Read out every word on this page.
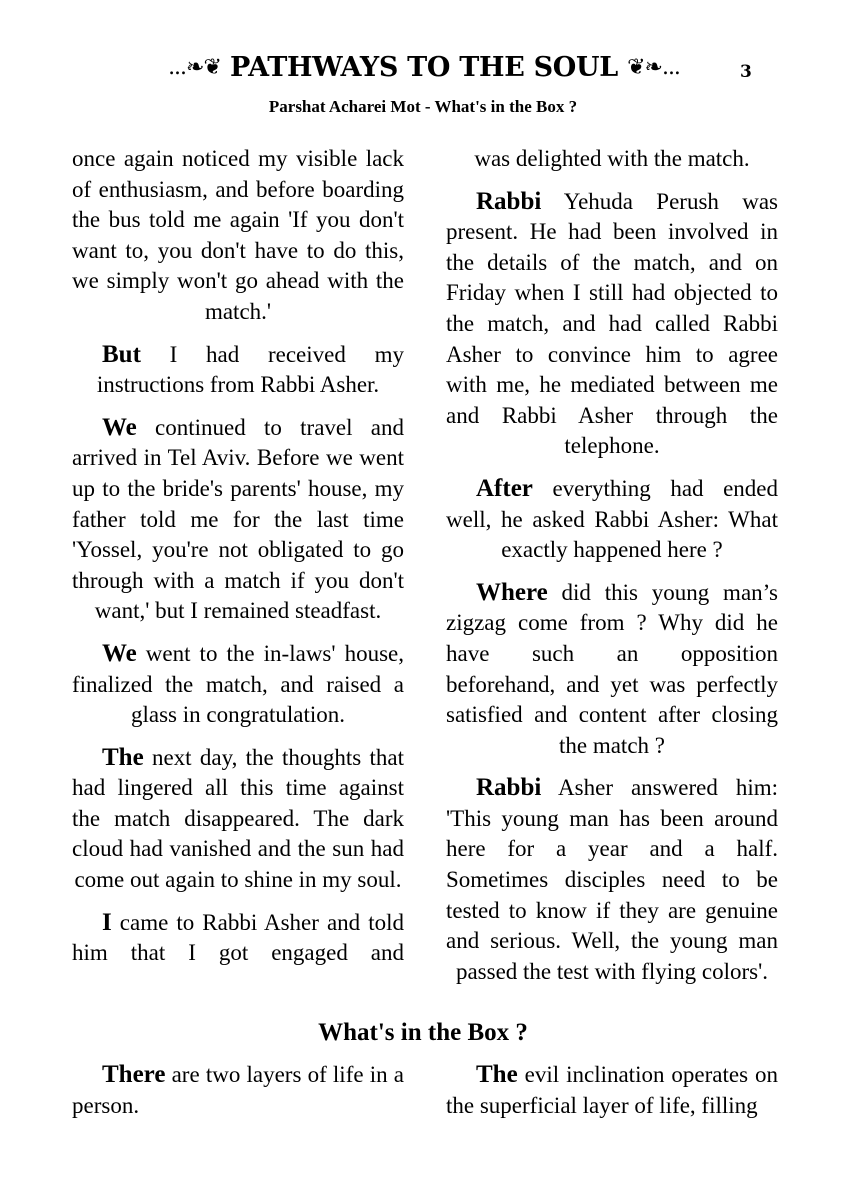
...❧❦ PATHWAYS TO THE SOUL ❦❧...	3
Parshat Acharei Mot - What's in the Box ?

once again noticed my visible lack of enthusiasm, and before boarding the bus told me again 'If you don't want to, you don't have to do this, we simply won't go ahead with the match.'

But I had received my instructions from Rabbi Asher.

We continued to travel and arrived in Tel Aviv. Before we went up to the bride's parents' house, my father told me for the last time 'Yossel, you're not obligated to go through with a match if you don't want,' but I remained steadfast.

We went to the in-laws' house, finalized the match, and raised a glass in congratulation.

The next day, the thoughts that had lingered all this time against the match disappeared. The dark cloud had vanished and the sun had come out again to shine in my soul.

I came to Rabbi Asher and told him that I got engaged and

was delighted with the match.

Rabbi Yehuda Perush was present. He had been involved in the details of the match, and on Friday when I still had objected to the match, and had called Rabbi Asher to convince him to agree with me, he mediated between me and Rabbi Asher through the telephone.

After everything had ended well, he asked Rabbi Asher: What exactly happened here ?

Where did this young man’s zigzag come from ? Why did he have such an opposition beforehand, and yet was perfectly satisfied and content after closing the match ?

Rabbi Asher answered him: 'This young man has been around here for a year and a half. Sometimes disciples need to be tested to know if they are genuine and serious. Well, the young man passed the test with flying colors'.

What's in the Box ?

There are two layers of life in a person.

The evil inclination operates on the superficial layer of life, filling
